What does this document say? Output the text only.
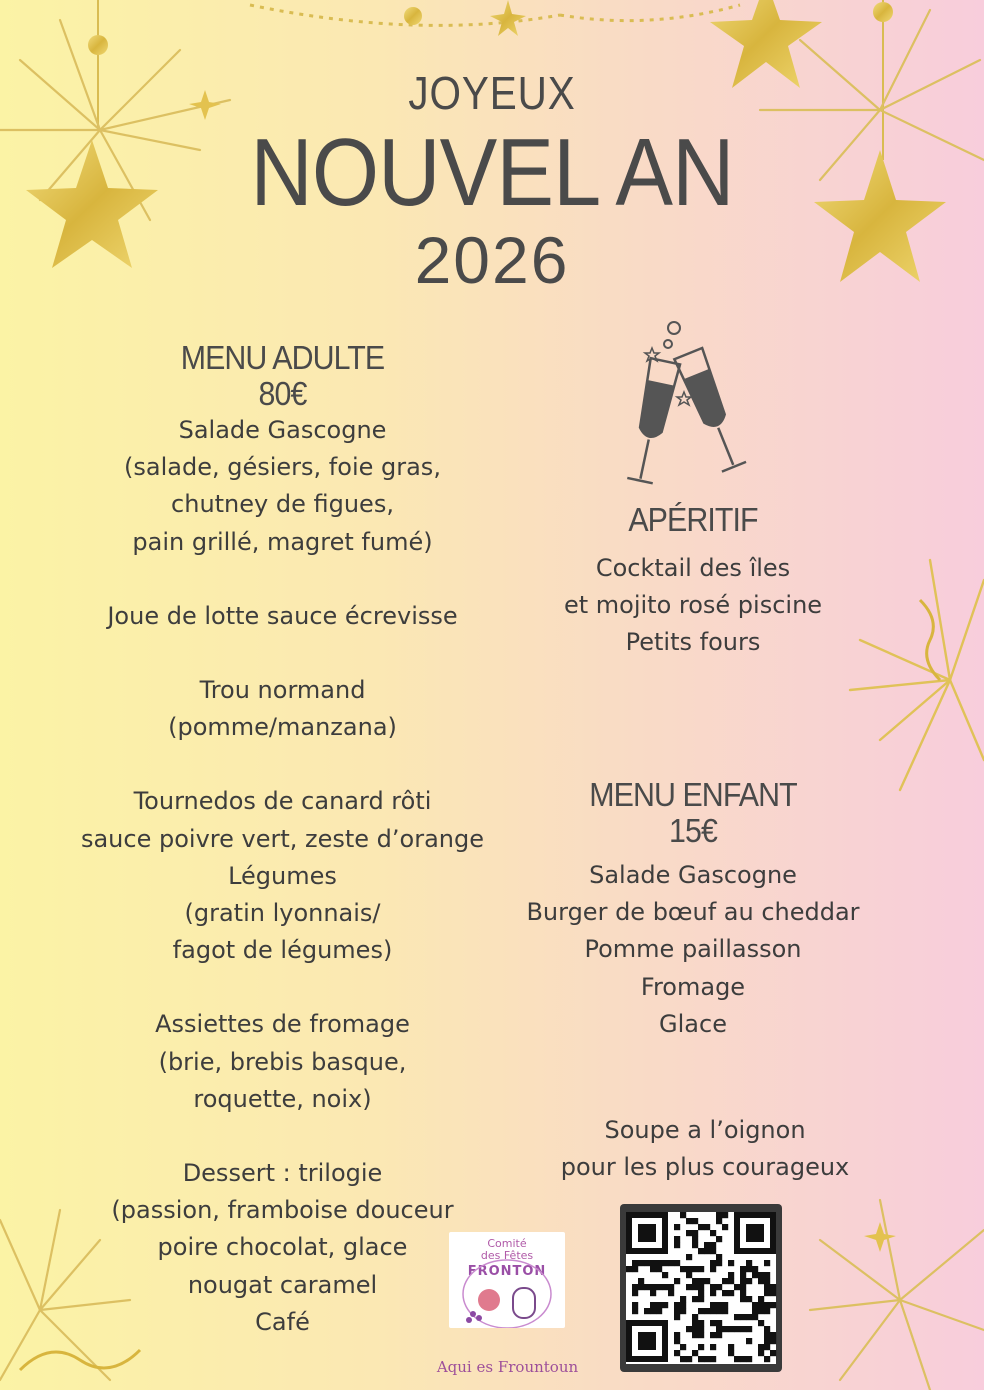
JOYEUX
NOUVEL AN
2026
MENU ADULTE
80€
Salade Gascogne
(salade, gésiers, foie gras,
chutney de figues,
pain grillé, magret fumé)
Joue de lotte sauce écrevisse
Trou normand
(pomme/manzana)
Tournedos de canard rôti
sauce poivre vert, zeste d’orange
Légumes
(gratin lyonnais/
fagot de légumes)
Assiettes de fromage
(brie, brebis basque,
roquette, noix)
Dessert : trilogie
(passion, framboise douceur
poire chocolat, glace
nougat caramel
Café
APÉRITIF
Cocktail des îles
et mojito rosé piscine
Petits fours
MENU ENFANT
15€
Salade Gascogne
Burger de bœuf au cheddar
Pomme paillasson
Fromage
Glace
Soupe a l’oignon
pour les plus courageux
Comité
des Fêtes
FRONTON
Aqui es Frountoun
